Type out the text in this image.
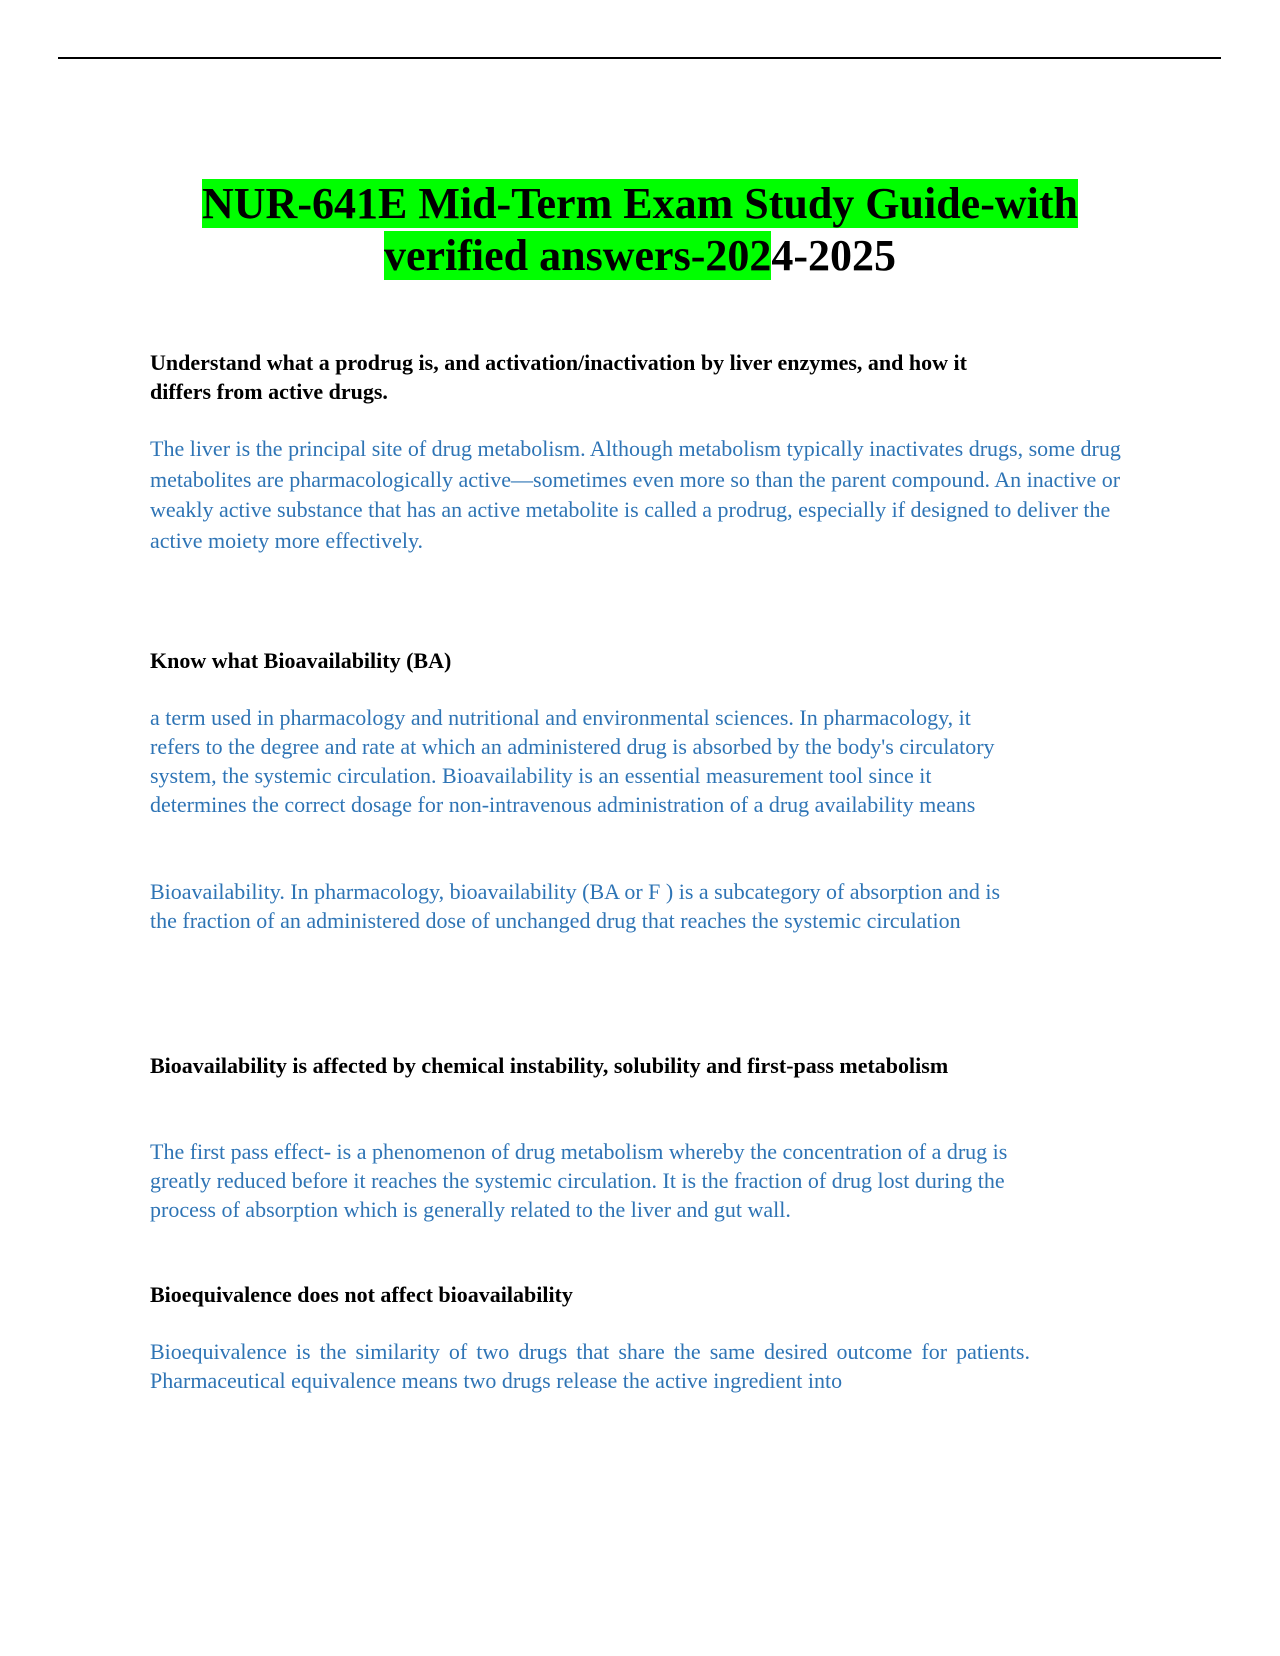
NUR-641E Mid-Term Exam Study Guide-with verified answers-2024-2025

Understand what a prodrug is, and activation/inactivation by liver enzymes, and how it differs from active drugs.

The liver is the principal site of drug metabolism. Although metabolism typically inactivates drugs, some drug metabolites are pharmacologically active—sometimes even more so than the parent compound. An inactive or weakly active substance that has an active metabolite is called a prodrug, especially if designed to deliver the active moiety more effectively.

Know what Bioavailability (BA)

a term used in pharmacology and nutritional and environmental sciences. In pharmacology, it refers to the degree and rate at which an administered drug is absorbed by the body's circulatory system, the systemic circulation. Bioavailability is an essential measurement tool since it determines the correct dosage for non-intravenous administration of a drug availability means

Bioavailability. In pharmacology, bioavailability (BA or F ) is a subcategory of absorption and is the fraction of an administered dose of unchanged drug that reaches the systemic circulation

Bioavailability is affected by chemical instability, solubility and first-pass metabolism

The first pass effect- is a phenomenon of drug metabolism whereby the concentration of a drug is greatly reduced before it reaches the systemic circulation. It is the fraction of drug lost during the process of absorption which is generally related to the liver and gut wall.

Bioequivalence does not affect bioavailability

Bioequivalence is the similarity of two drugs that share the same desired outcome for patients. Pharmaceutical equivalence means two drugs release the active ingredient into
